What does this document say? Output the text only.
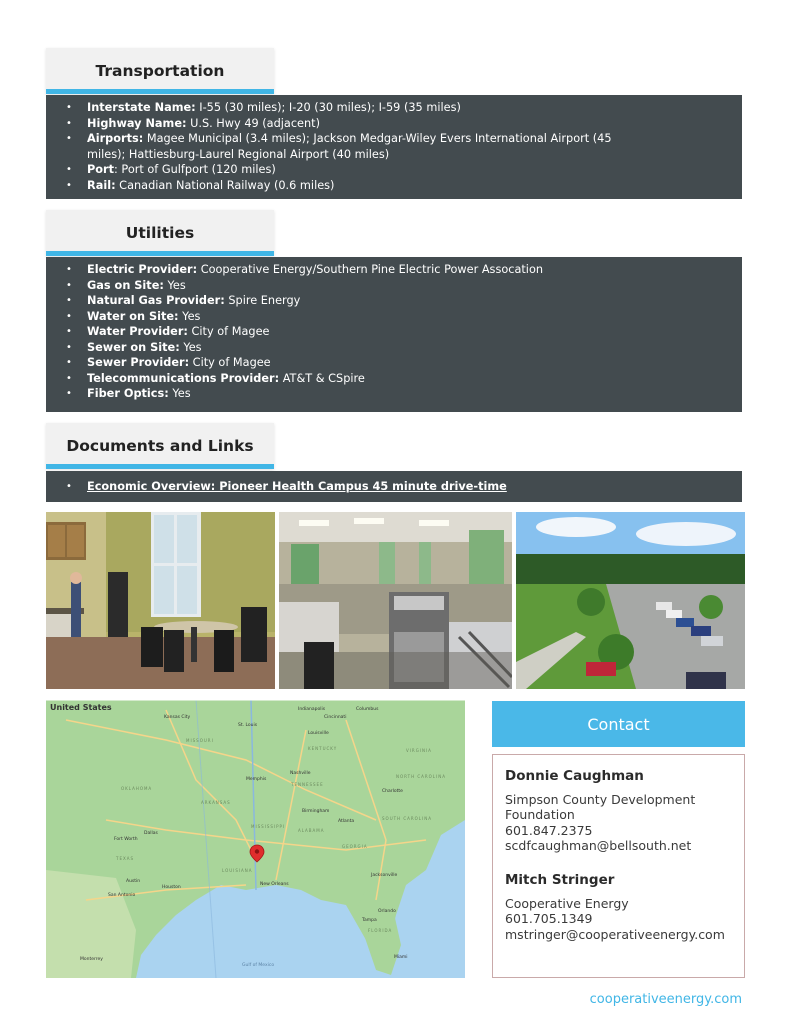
Transportation
• Interstate Name: I-55 (30 miles); I-20 (30 miles); I-59 (35 miles)
• Highway Name: U.S. Hwy 49 (adjacent)
• Airports: Magee Municipal (3.4 miles); Jackson Medgar-Wiley Evers International Airport (45 miles); Hattiesburg-Laurel Regional Airport (40 miles)
• Port: Port of Gulfport (120 miles)
• Rail: Canadian National Railway (0.6 miles)
Utilities
• Electric Provider: Cooperative Energy/Southern Pine Electric Power Assocation
• Gas on Site: Yes
• Natural Gas Provider: Spire Energy
• Water on Site: Yes
• Water Provider: City of Magee
• Sewer on Site: Yes
• Sewer Provider: City of Magee
• Telecommunications Provider: AT&T & CSpire
• Fiber Optics: Yes
Documents and Links
• Economic Overview: Pioneer Health Campus 45 minute drive-time
United States
Kansas City
St. Louis
Indianapolis
Cincinnati
Louisville
Nashville
Charlotte
Atlanta
Dallas
Fort Worth
Austin
Houston
San Antonio
New Orleans
Jacksonville
Tampa
Orlando
Miami
Monterrey
Memphis
Birmingham
Columbus
MISSOURI
KENTUCKY
TENNESSEE
ARKANSAS
MISSISSIPPI
ALABAMA
GEORGIA
LOUISIANA
TEXAS
FLORIDA
OKLAHOMA
SOUTH CAROLINA
NORTH CAROLINA
VIRGINIA
Gulf of Mexico
Contact
Donnie Caughman
Simpson County Development Foundation
601.847.2375
scdfcaughman@bellsouth.net
Mitch Stringer
Cooperative Energy
601.705.1349
mstringer@cooperativeenergy.com
cooperativeenergy.com
